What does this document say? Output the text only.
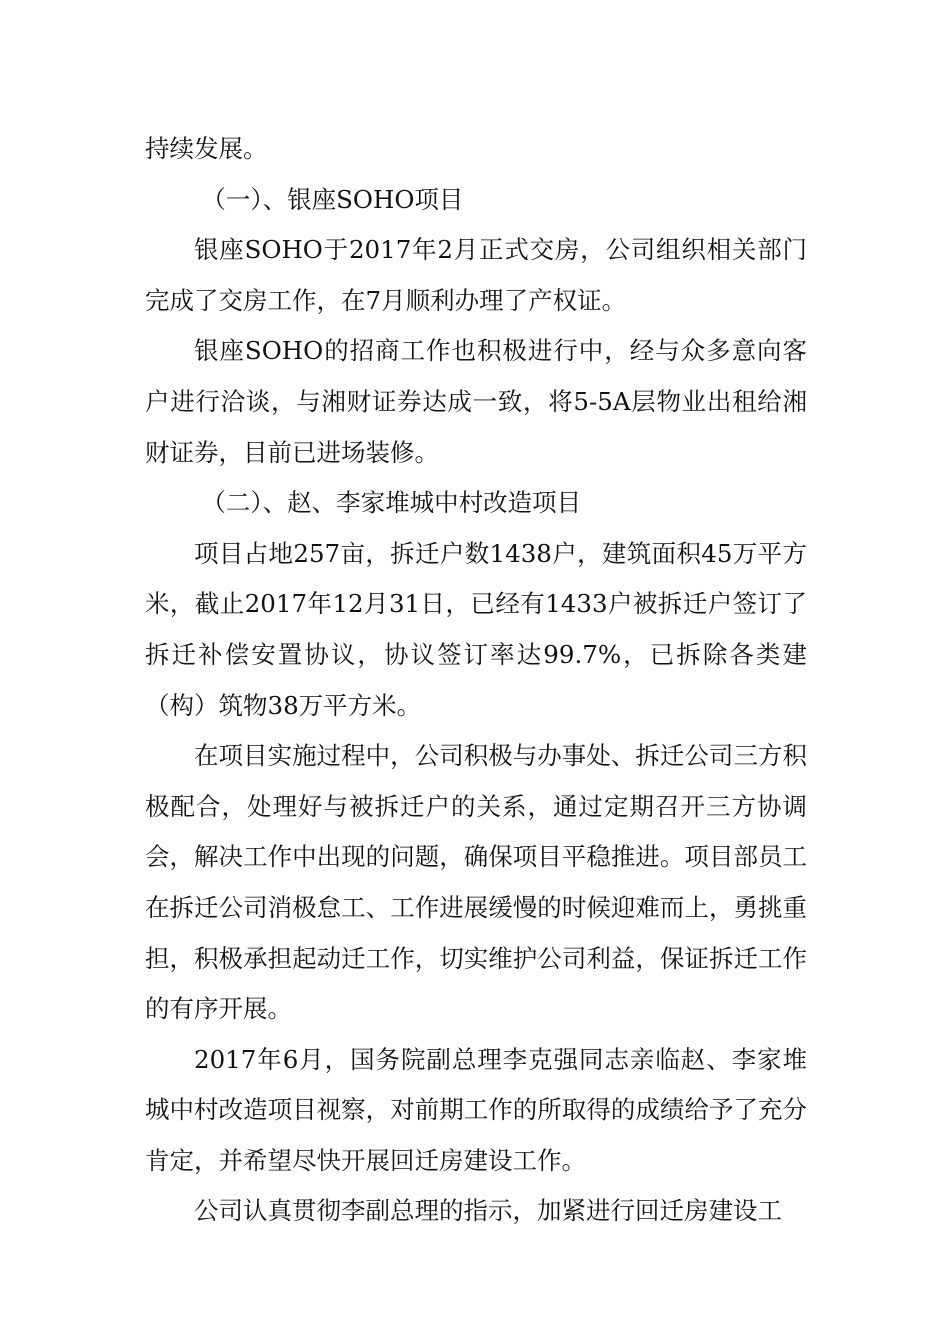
持续发展。

（一）、银座SOHO项目

银座SOHO于2017年2月正式交房，公司组织相关部门完成了交房工作，在7月顺利办理了产权证。

银座SOHO的招商工作也积极进行中，经与众多意向客户进行洽谈，与湘财证券达成一致，将5-5A层物业出租给湘财证券，目前已进场装修。

（二）、赵、李家堆城中村改造项目

项目占地257亩，拆迁户数1438户，建筑面积45万平方米，截止2017年12月31日，已经有1433户被拆迁户签订了拆迁补偿安置协议，协议签订率达99.7%，已拆除各类建（构）筑物38万平方米。

在项目实施过程中，公司积极与办事处、拆迁公司三方积极配合，处理好与被拆迁户的关系，通过定期召开三方协调会，解决工作中出现的问题，确保项目平稳推进。项目部员工在拆迁公司消极怠工、工作进展缓慢的时候迎难而上，勇挑重担，积极承担起动迁工作，切实维护公司利益，保证拆迁工作的有序开展。

2017年6月，国务院副总理李克强同志亲临赵、李家堆城中村改造项目视察，对前期工作的所取得的成绩给予了充分肯定，并希望尽快开展回迁房建设工作。

公司认真贯彻李副总理的指示，加紧进行回迁房建设工
